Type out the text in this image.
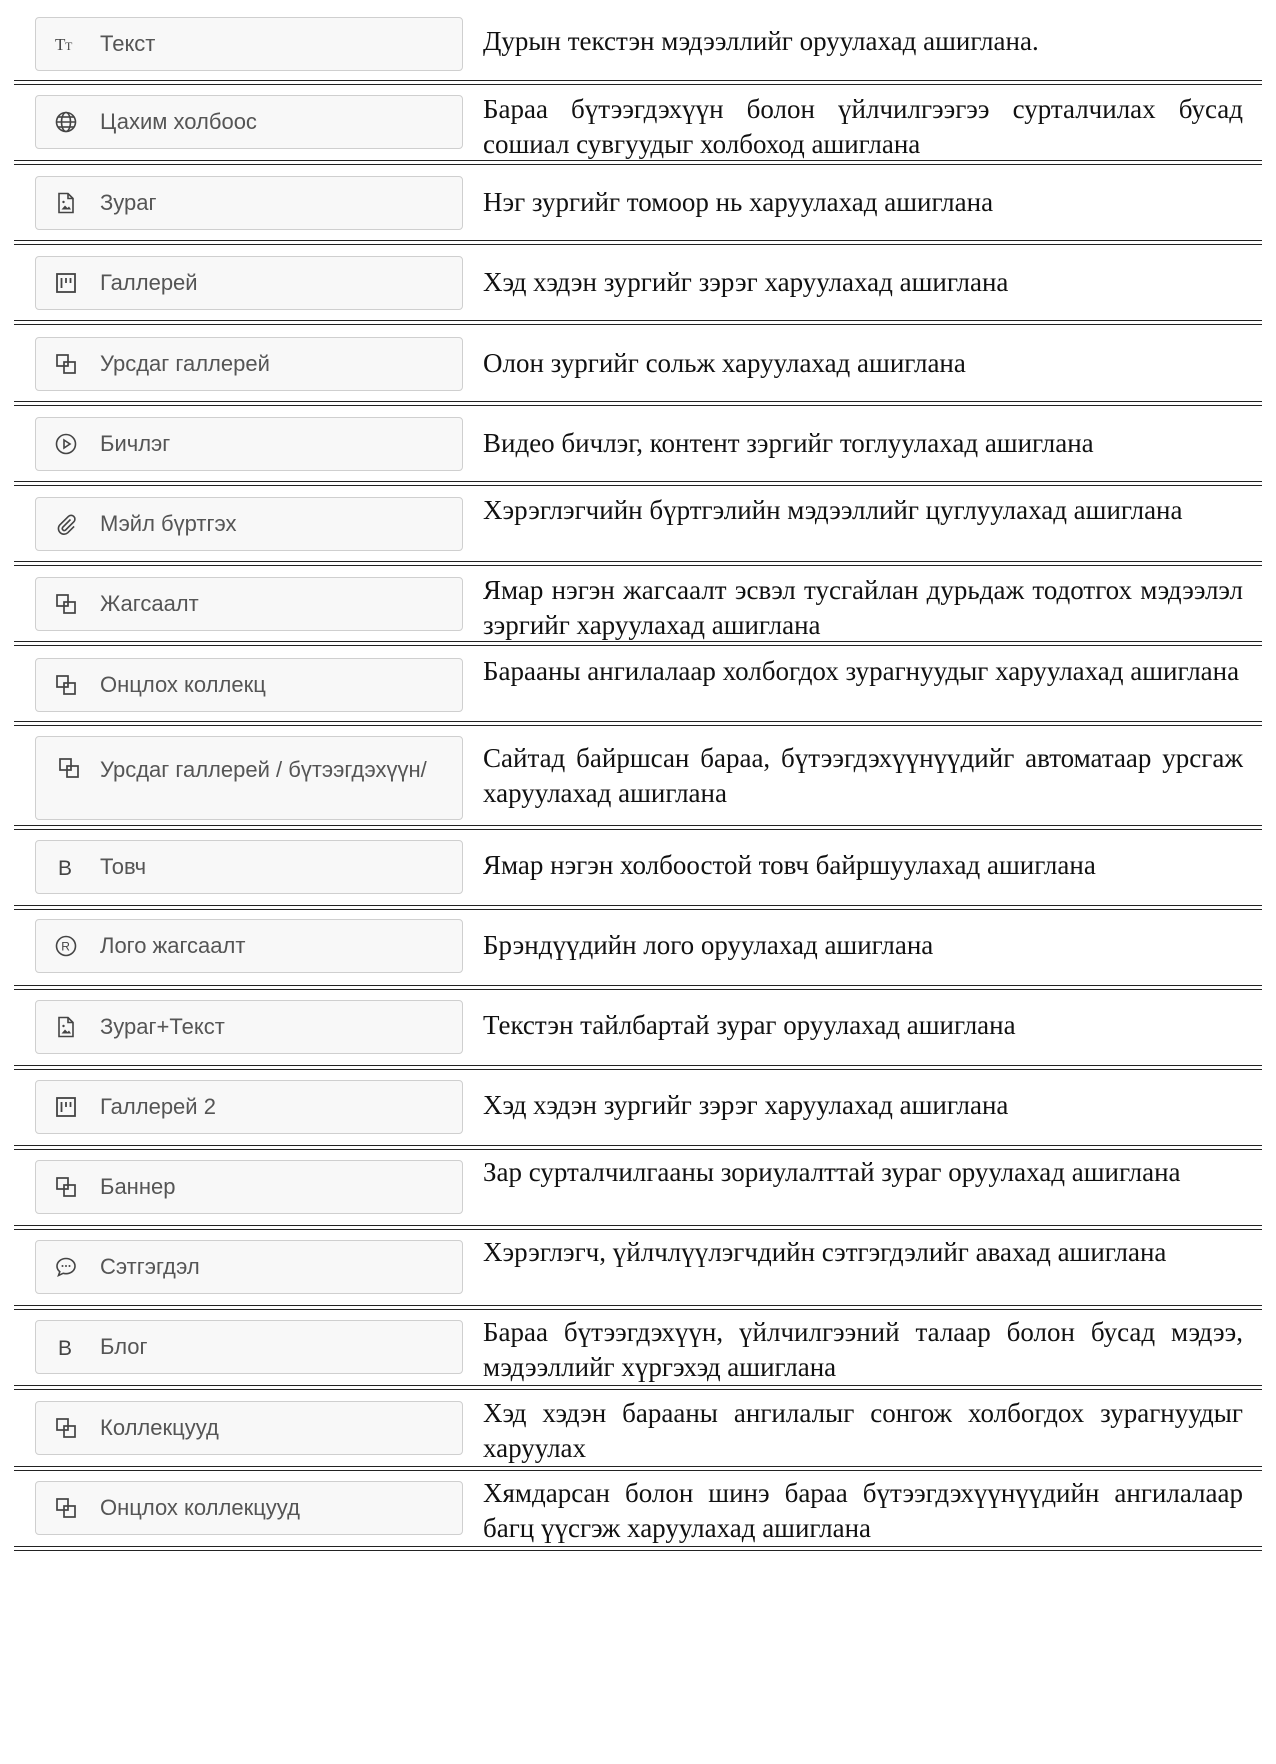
T T Текст	Дурын текстэн мэдээллийг оруулахад ашиглана.
Цахим холбоос	Бараа бүтээгдэхүүн болон үйлчилгээгээ сурталчилах бусад сошиал сувгуудыг холбоход ашиглана
Зураг	Нэг зургийг томоор нь харуулахад ашиглана
Галлерей	Хэд хэдэн зургийг зэрэг харуулахад ашиглана
Урсдаг галлерей	Олон зургийг сольж харуулахад ашиглана
Бичлэг	Видео бичлэг, контент зэргийг тоглуулахад ашиглана
Мэйл бүртгэх	Хэрэглэгчийн бүртгэлийн мэдээллийг цуглуулахад ашиглана
Жагсаалт	Ямар нэгэн жагсаалт эсвэл тусгайлан дурьдаж тодотгох мэдээлэл зэргийг харуулахад ашиглана
Онцлох коллекц	Барааны ангилалаар холбогдох зурагнуудыг харуулахад ашиглана
Урсдаг галлерей / бүтээгдэхүүн/	Сайтад байршсан бараа, бүтээгдэхүүнүүдийг автоматаар урсгаж харуулахад ашиглана
B Товч	Ямар нэгэн холбоостой товч байршуулахад ашиглана
R Лого жагсаалт	Брэндүүдийн лого оруулахад ашиглана
Зураг+Текст	Текстэн тайлбартай зураг оруулахад ашиглана
Галлерей 2	Хэд хэдэн зургийг зэрэг харуулахад ашиглана
Баннер	Зар сурталчилгааны зориулалттай зураг оруулахад ашиглана
Сэтгэгдэл	Хэрэглэгч, үйлчлүүлэгчдийн сэтгэгдэлийг авахад ашиглана
B Блог	Бараа бүтээгдэхүүн, үйлчилгээний талаар болон бусад мэдээ, мэдээллийг хүргэхэд ашиглана
Коллекцууд	Хэд хэдэн барааны ангилалыг сонгож холбогдох зурагнуудыг харуулах
Онцлох коллекцууд	Хямдарсан болон шинэ бараа бүтээгдэхүүнүүдийн ангилалаар багц үүсгэж харуулахад ашиглана
